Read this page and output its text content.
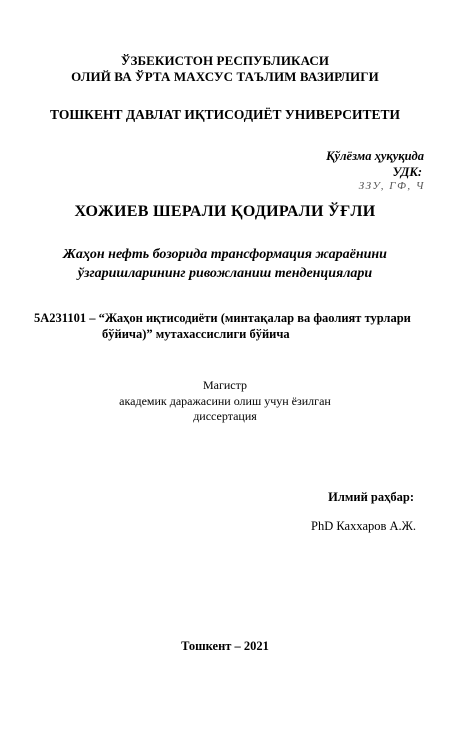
ЎЗБЕКИСТОН РЕСПУБЛИКАСИ
ОЛИЙ ВА ЎРТА МАХСУС ТАЪЛИМ ВАЗИРЛИГИ
ТОШКЕНТ ДАВЛАТ ИҚТИСОДИЁТ УНИВЕРСИТЕТИ
Қўлёзма ҳуқуқида
УДК:
ЗЗУ, ГФ, Ч
ХОЖИЕВ ШЕРАЛИ ҚОДИРАЛИ ЎҒЛИ
Жаҳон нефть бозорида трансформация жараёнини
ўзгаришларининг ривожланиш тенденциялари
5А231101 – “Жаҳон иқтисодиёти (минтақалар ва фаолият турлари
бўйича)” мутахассислиги бўйича
Магистр
академик даражасини олиш учун ёзилган
диссертация
Илмий раҳбар:
PhD Каххаров А.Ж.
Тошкент – 2021
